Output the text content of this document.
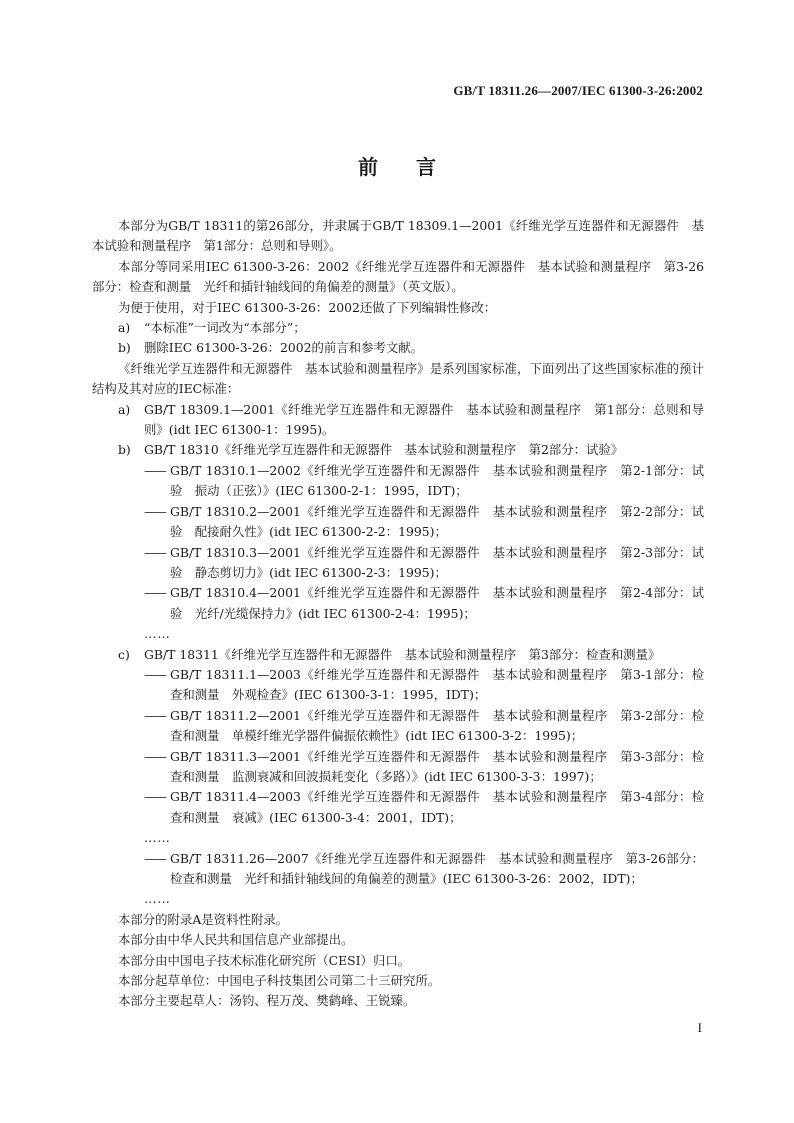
GB/T 18311.26—2007/IEC 61300-3-26:2002
前言
本部分为GB/T 18311的第26部分，并隶属于GB/T 18309.1—2001《纤维光学互连器件和无源器件　基本试验和测量程序　第1部分：总则和导则》。
本部分等同采用IEC 61300-3-26：2002《纤维光学互连器件和无源器件　基本试验和测量程序　第3-26部分：检查和测量　光纤和插针轴线间的角偏差的测量》（英文版）。
为便于使用，对于IEC 61300-3-26：2002还做了下列编辑性修改：
a) “本标准”一词改为“本部分”；
b) 删除IEC 61300-3-26：2002的前言和参考文献。
《纤维光学互连器件和无源器件　基本试验和测量程序》是系列国家标准，下面列出了这些国家标准的预计结构及其对应的IEC标准：
a) GB/T 18309.1—2001《纤维光学互连器件和无源器件　基本试验和测量程序　第1部分：总则和导则》(idt IEC 61300-1：1995)。
b) GB/T 18310《纤维光学互连器件和无源器件　基本试验和测量程序　第2部分：试验》
—— GB/T 18310.1—2002《纤维光学互连器件和无源器件　基本试验和测量程序　第2-1部分：试验　振动（正弦）》(IEC 61300-2-1：1995，IDT)；
—— GB/T 18310.2—2001《纤维光学互连器件和无源器件　基本试验和测量程序　第2-2部分：试验　配接耐久性》(idt IEC 61300-2-2：1995)；
—— GB/T 18310.3—2001《纤维光学互连器件和无源器件　基本试验和测量程序　第2-3部分：试验　静态剪切力》(idt IEC 61300-2-3：1995)；
—— GB/T 18310.4—2001《纤维光学互连器件和无源器件　基本试验和测量程序　第2-4部分：试验　光纤/光缆保持力》(idt IEC 61300-2-4：1995)；
……
c) GB/T 18311《纤维光学互连器件和无源器件　基本试验和测量程序　第3部分：检查和测量》
—— GB/T 18311.1—2003《纤维光学互连器件和无源器件　基本试验和测量程序　第3-1部分：检查和测量　外观检查》(IEC 61300-3-1：1995，IDT)；
—— GB/T 18311.2—2001《纤维光学互连器件和无源器件　基本试验和测量程序　第3-2部分：检查和测量　单模纤维光学器件偏振依赖性》(idt IEC 61300-3-2：1995)；
—— GB/T 18311.3—2001《纤维光学互连器件和无源器件　基本试验和测量程序　第3-3部分：检查和测量　监测衰减和回波损耗变化（多路）》(idt IEC 61300-3-3：1997)；
—— GB/T 18311.4—2003《纤维光学互连器件和无源器件　基本试验和测量程序　第3-4部分：检查和测量　衰减》(IEC 61300-3-4：2001，IDT)；
……
—— GB/T 18311.26—2007《纤维光学互连器件和无源器件　基本试验和测量程序　第3-26部分：检查和测量　光纤和插针轴线间的角偏差的测量》(IEC 61300-3-26：2002，IDT)；
……
本部分的附录A是资料性附录。
本部分由中华人民共和国信息产业部提出。
本部分由中国电子技术标准化研究所（CESI）归口。
本部分起草单位：中国电子科技集团公司第二十三研究所。
本部分主要起草人：汤钧、程万茂、樊鹤峰、王锐臻。
I
